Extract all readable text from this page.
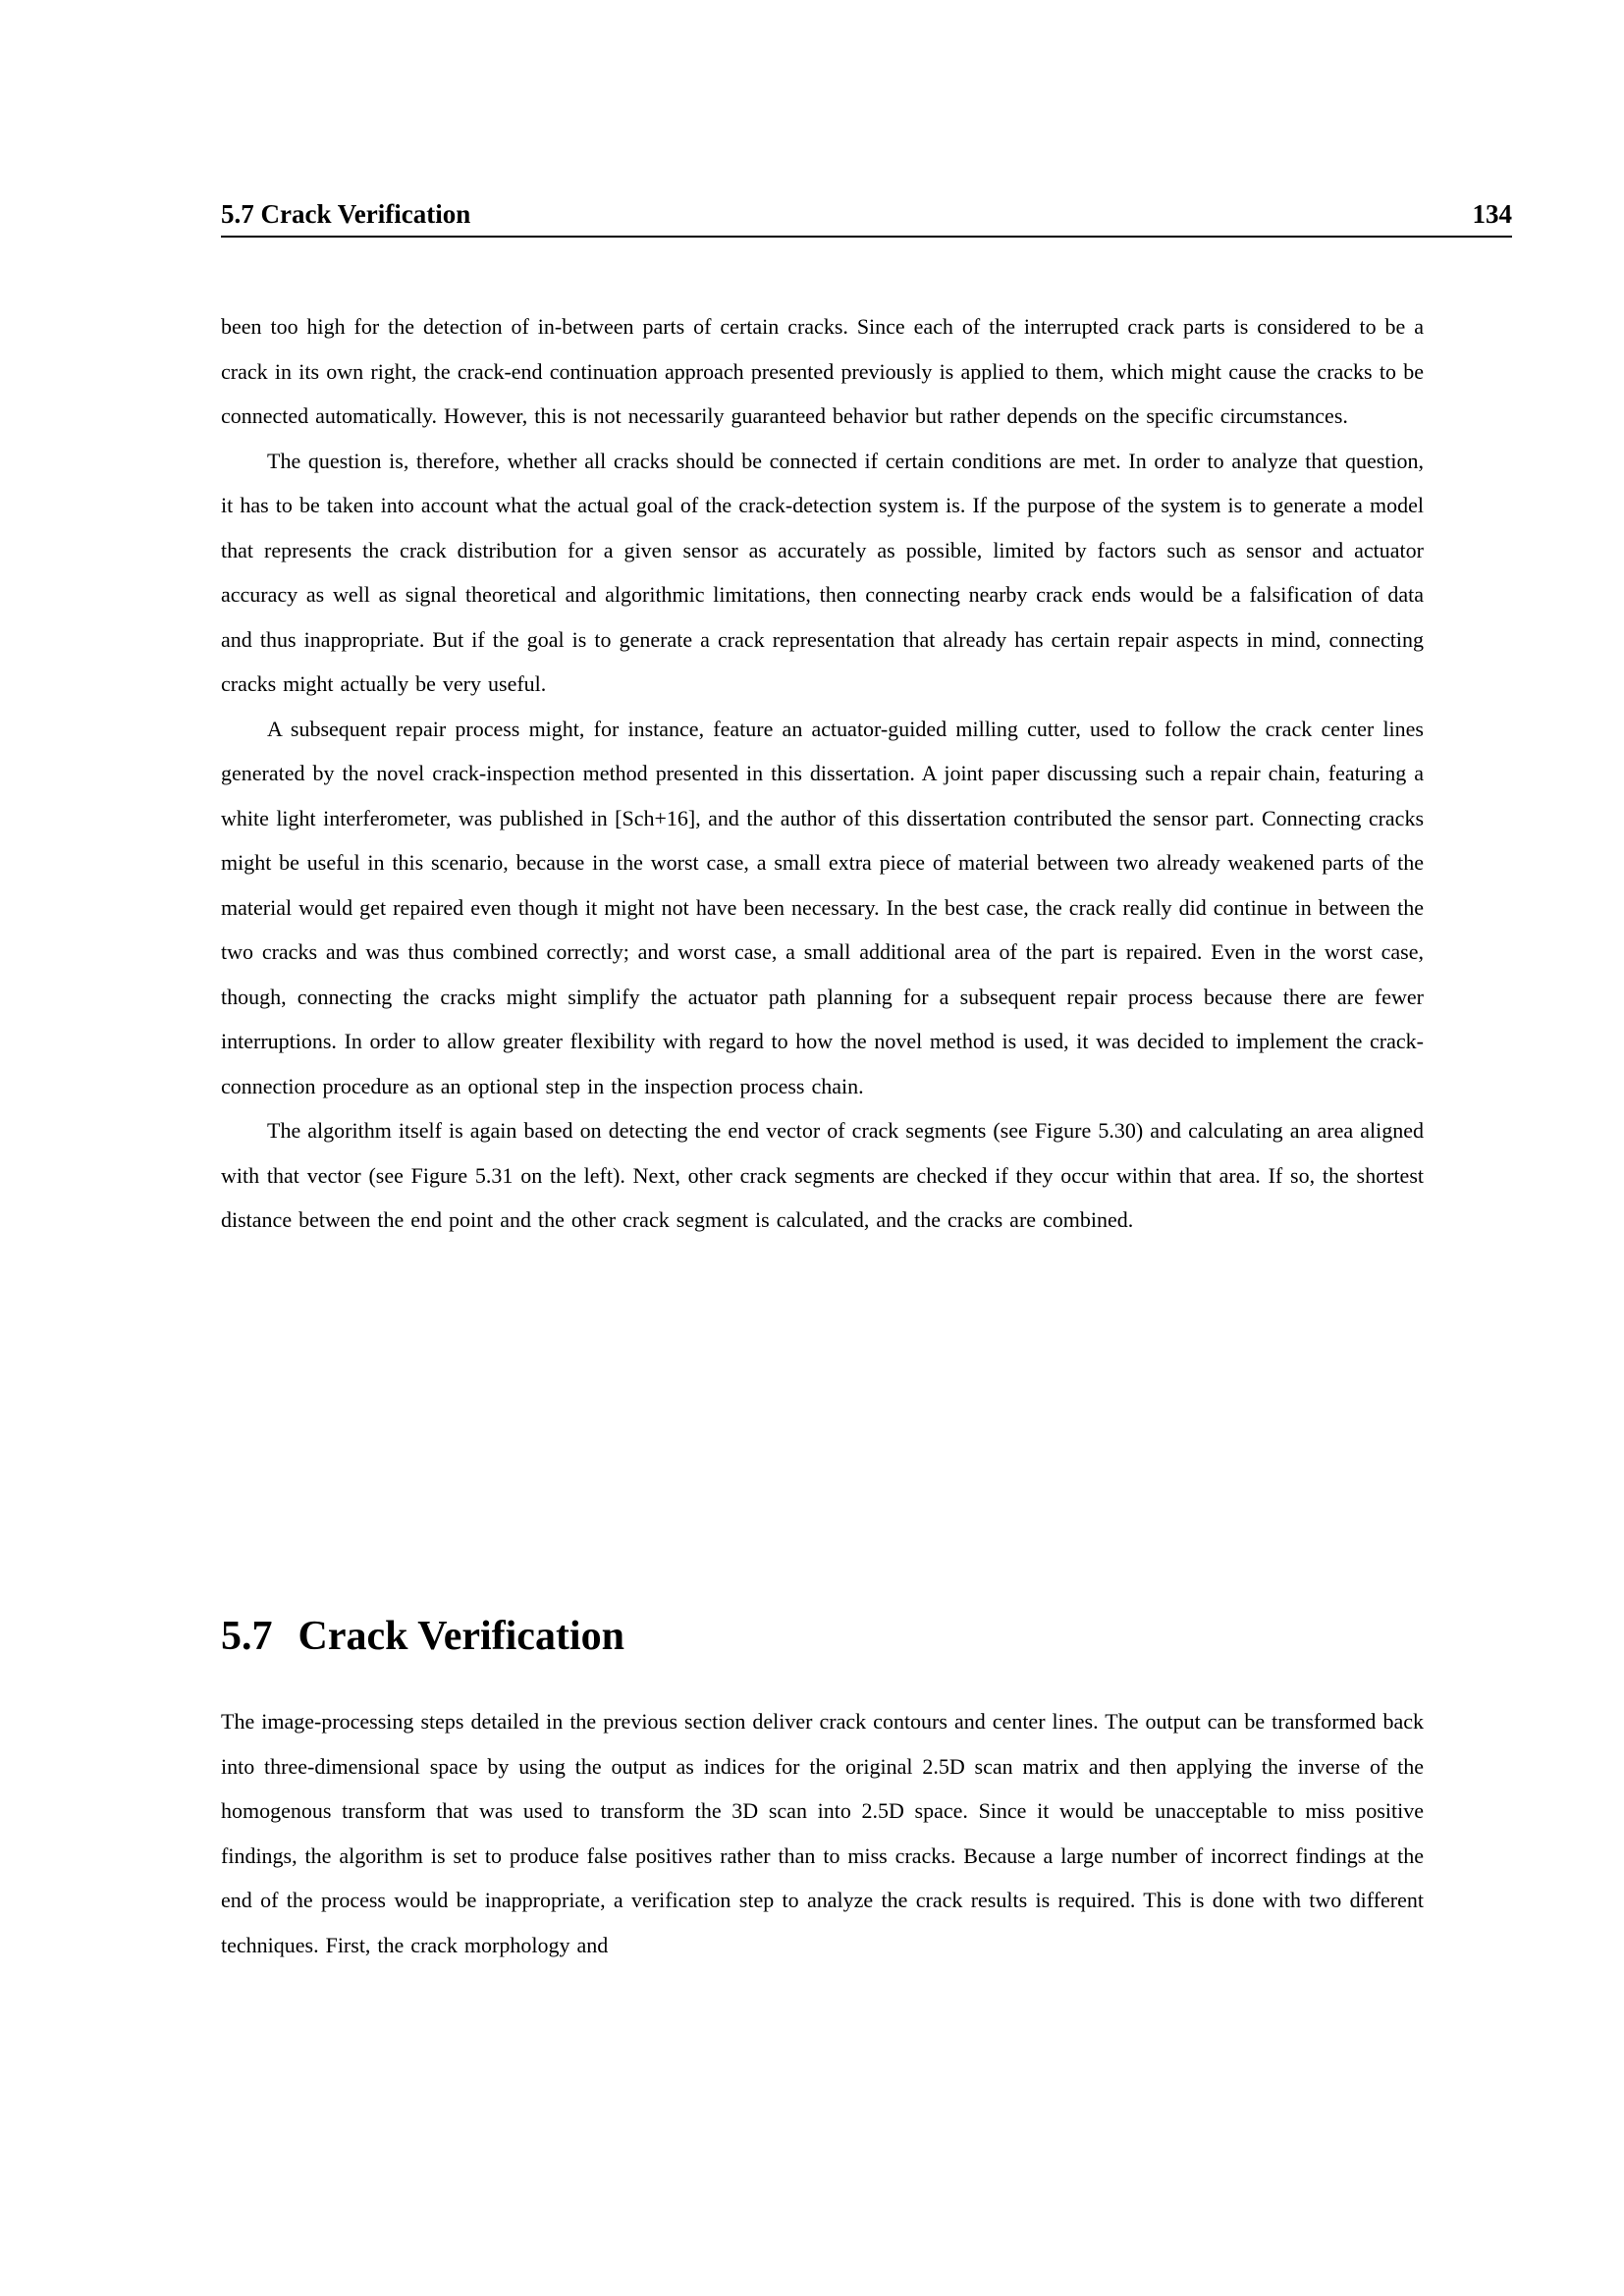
5.7 Crack Verification	134

been too high for the detection of in-between parts of certain cracks. Since each of the interrupted crack parts is considered to be a crack in its own right, the crack-end continuation approach presented previously is applied to them, which might cause the cracks to be connected automatically. However, this is not necessarily guaranteed behavior but rather depends on the specific circumstances.

The question is, therefore, whether all cracks should be connected if certain conditions are met. In order to analyze that question, it has to be taken into account what the actual goal of the crack-detection system is. If the purpose of the system is to generate a model that represents the crack distribution for a given sensor as accurately as possible, limited by factors such as sensor and actuator accuracy as well as signal theoretical and algorithmic limitations, then connecting nearby crack ends would be a falsification of data and thus inappropriate. But if the goal is to generate a crack representation that already has certain repair aspects in mind, connecting cracks might actually be very useful.

A subsequent repair process might, for instance, feature an actuator-guided milling cutter, used to follow the crack center lines generated by the novel crack-inspection method presented in this dissertation. A joint paper discussing such a repair chain, featuring a white light interferometer, was published in [Sch+16], and the author of this dissertation contributed the sensor part. Connecting cracks might be useful in this scenario, because in the worst case, a small extra piece of material between two already weakened parts of the material would get repaired even though it might not have been necessary. In the best case, the crack really did continue in between the two cracks and was thus combined correctly; and worst case, a small additional area of the part is repaired. Even in the worst case, though, connecting the cracks might simplify the actuator path planning for a subsequent repair process because there are fewer interruptions. In order to allow greater flexibility with regard to how the novel method is used, it was decided to implement the crack-connection procedure as an optional step in the inspection process chain.

The algorithm itself is again based on detecting the end vector of crack segments (see Figure 5.30) and calculating an area aligned with that vector (see Figure 5.31 on the left). Next, other crack segments are checked if they occur within that area. If so, the shortest distance between the end point and the other crack segment is calculated, and the cracks are combined.

5.7 Crack Verification

The image-processing steps detailed in the previous section deliver crack contours and center lines. The output can be transformed back into three-dimensional space by using the output as indices for the original 2.5D scan matrix and then applying the inverse of the homogenous transform that was used to transform the 3D scan into 2.5D space. Since it would be unacceptable to miss positive findings, the algorithm is set to produce false positives rather than to miss cracks. Because a large number of incorrect findings at the end of the process would be inappropriate, a verification step to analyze the crack results is required. This is done with two different techniques. First, the crack morphology and
